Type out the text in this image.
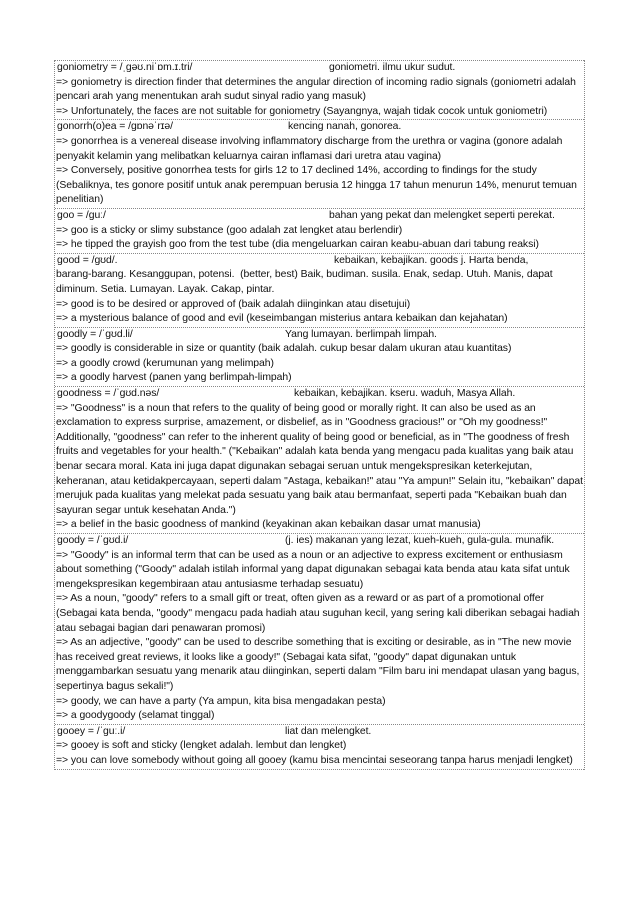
goniometry = /ˌɡəʊ.niˈɒm.ɪ.tri/	goniometri. ilmu ukur sudut.
=> goniometry is direction finder that determines the angular direction of incoming radio signals (goniometri adalah pencari arah yang menentukan arah sudut sinyal radio yang masuk)
=> Unfortunately, the faces are not suitable for goniometry (Sayangnya, wajah tidak cocok untuk goniometri)
gonorrh(o)ea = /ɡɒnəˈrɪə/	kencing nanah, gonorea.
=> gonorrhea is a venereal disease involving inflammatory discharge from the urethra or vagina (gonore adalah penyakit kelamin yang melibatkan keluarnya cairan inflamasi dari uretra atau vagina)
=> Conversely, positive gonorrhea tests for girls 12 to 17 declined 14%, according to findings for the study (Sebaliknya, tes gonore positif untuk anak perempuan berusia 12 hingga 17 tahun menurun 14%, menurut temuan penelitian)
goo = /ɡuː/	bahan yang pekat dan melengket seperti perekat.
=> goo is a sticky or slimy substance (goo adalah zat lengket atau berlendir)
=> he tipped the grayish goo from the test tube (dia mengeluarkan cairan keabu-abuan dari tabung reaksi)
good = /ɡʊd/.	kebaikan, kebajikan. goods j. Harta benda,
barang-barang. Kesanggupan, potensi.  (better, best) Baik, budiman. susila. Enak, sedap. Utuh. Manis, dapat diminum. Setia. Lumayan. Layak. Cakap, pintar.
=> good is to be desired or approved of (baik adalah diinginkan atau disetujui)
=> a mysterious balance of good and evil (keseimbangan misterius antara kebaikan dan kejahatan)
goodly = /ˈɡʊd.li/	Yang lumayan. berlimpah limpah.
=> goodly is considerable in size or quantity (baik adalah. cukup besar dalam ukuran atau kuantitas)
=> a goodly crowd (kerumunan yang melimpah)
=> a goodly harvest (panen yang berlimpah-limpah)
goodness = /ˈɡʊd.nəs/	kebaikan, kebajikan. kseru. waduh, Masya Allah.
=> "Goodness" is a noun that refers to the quality of being good or morally right. It can also be used as an exclamation to express surprise, amazement, or disbelief, as in "Goodness gracious!" or "Oh my goodness!" Additionally, "goodness" can refer to the inherent quality of being good or beneficial, as in "The goodness of fresh fruits and vegetables for your health." ("Kebaikan" adalah kata benda yang mengacu pada kualitas yang baik atau benar secara moral. Kata ini juga dapat digunakan sebagai seruan untuk mengekspresikan keterkejutan, keheranan, atau ketidakpercayaan, seperti dalam "Astaga, kebaikan!" atau "Ya ampun!" Selain itu, "kebaikan" dapat merujuk pada kualitas yang melekat pada sesuatu yang baik atau bermanfaat, seperti pada "Kebaikan buah dan sayuran segar untuk kesehatan Anda.")
=> a belief in the basic goodness of mankind (keyakinan akan kebaikan dasar umat manusia)
goody = /ˈɡʊd.i/	(j. ies) makanan yang lezat, kueh-kueh, gula-gula. munafik.
=> "Goody" is an informal term that can be used as a noun or an adjective to express excitement or enthusiasm about something ("Goody" adalah istilah informal yang dapat digunakan sebagai kata benda atau kata sifat untuk mengekspresikan kegembiraan atau antusiasme terhadap sesuatu)
=> As a noun, "goody" refers to a small gift or treat, often given as a reward or as part of a promotional offer (Sebagai kata benda, "goody" mengacu pada hadiah atau suguhan kecil, yang sering kali diberikan sebagai hadiah atau sebagai bagian dari penawaran promosi)
=> As an adjective, "goody" can be used to describe something that is exciting or desirable, as in "The new movie has received great reviews, it looks like a goody!" (Sebagai kata sifat, "goody" dapat digunakan untuk menggambarkan sesuatu yang menarik atau diinginkan, seperti dalam "Film baru ini mendapat ulasan yang bagus, sepertinya bagus sekali!")
=> goody, we can have a party (Ya ampun, kita bisa mengadakan pesta)
=> a goodygoody (selamat tinggal)
gooey = /ˈɡuː.i/	liat dan melengket.
=> gooey is soft and sticky (lengket adalah. lembut dan lengket)
=> you can love somebody without going all gooey (kamu bisa mencintai seseorang tanpa harus menjadi lengket)
